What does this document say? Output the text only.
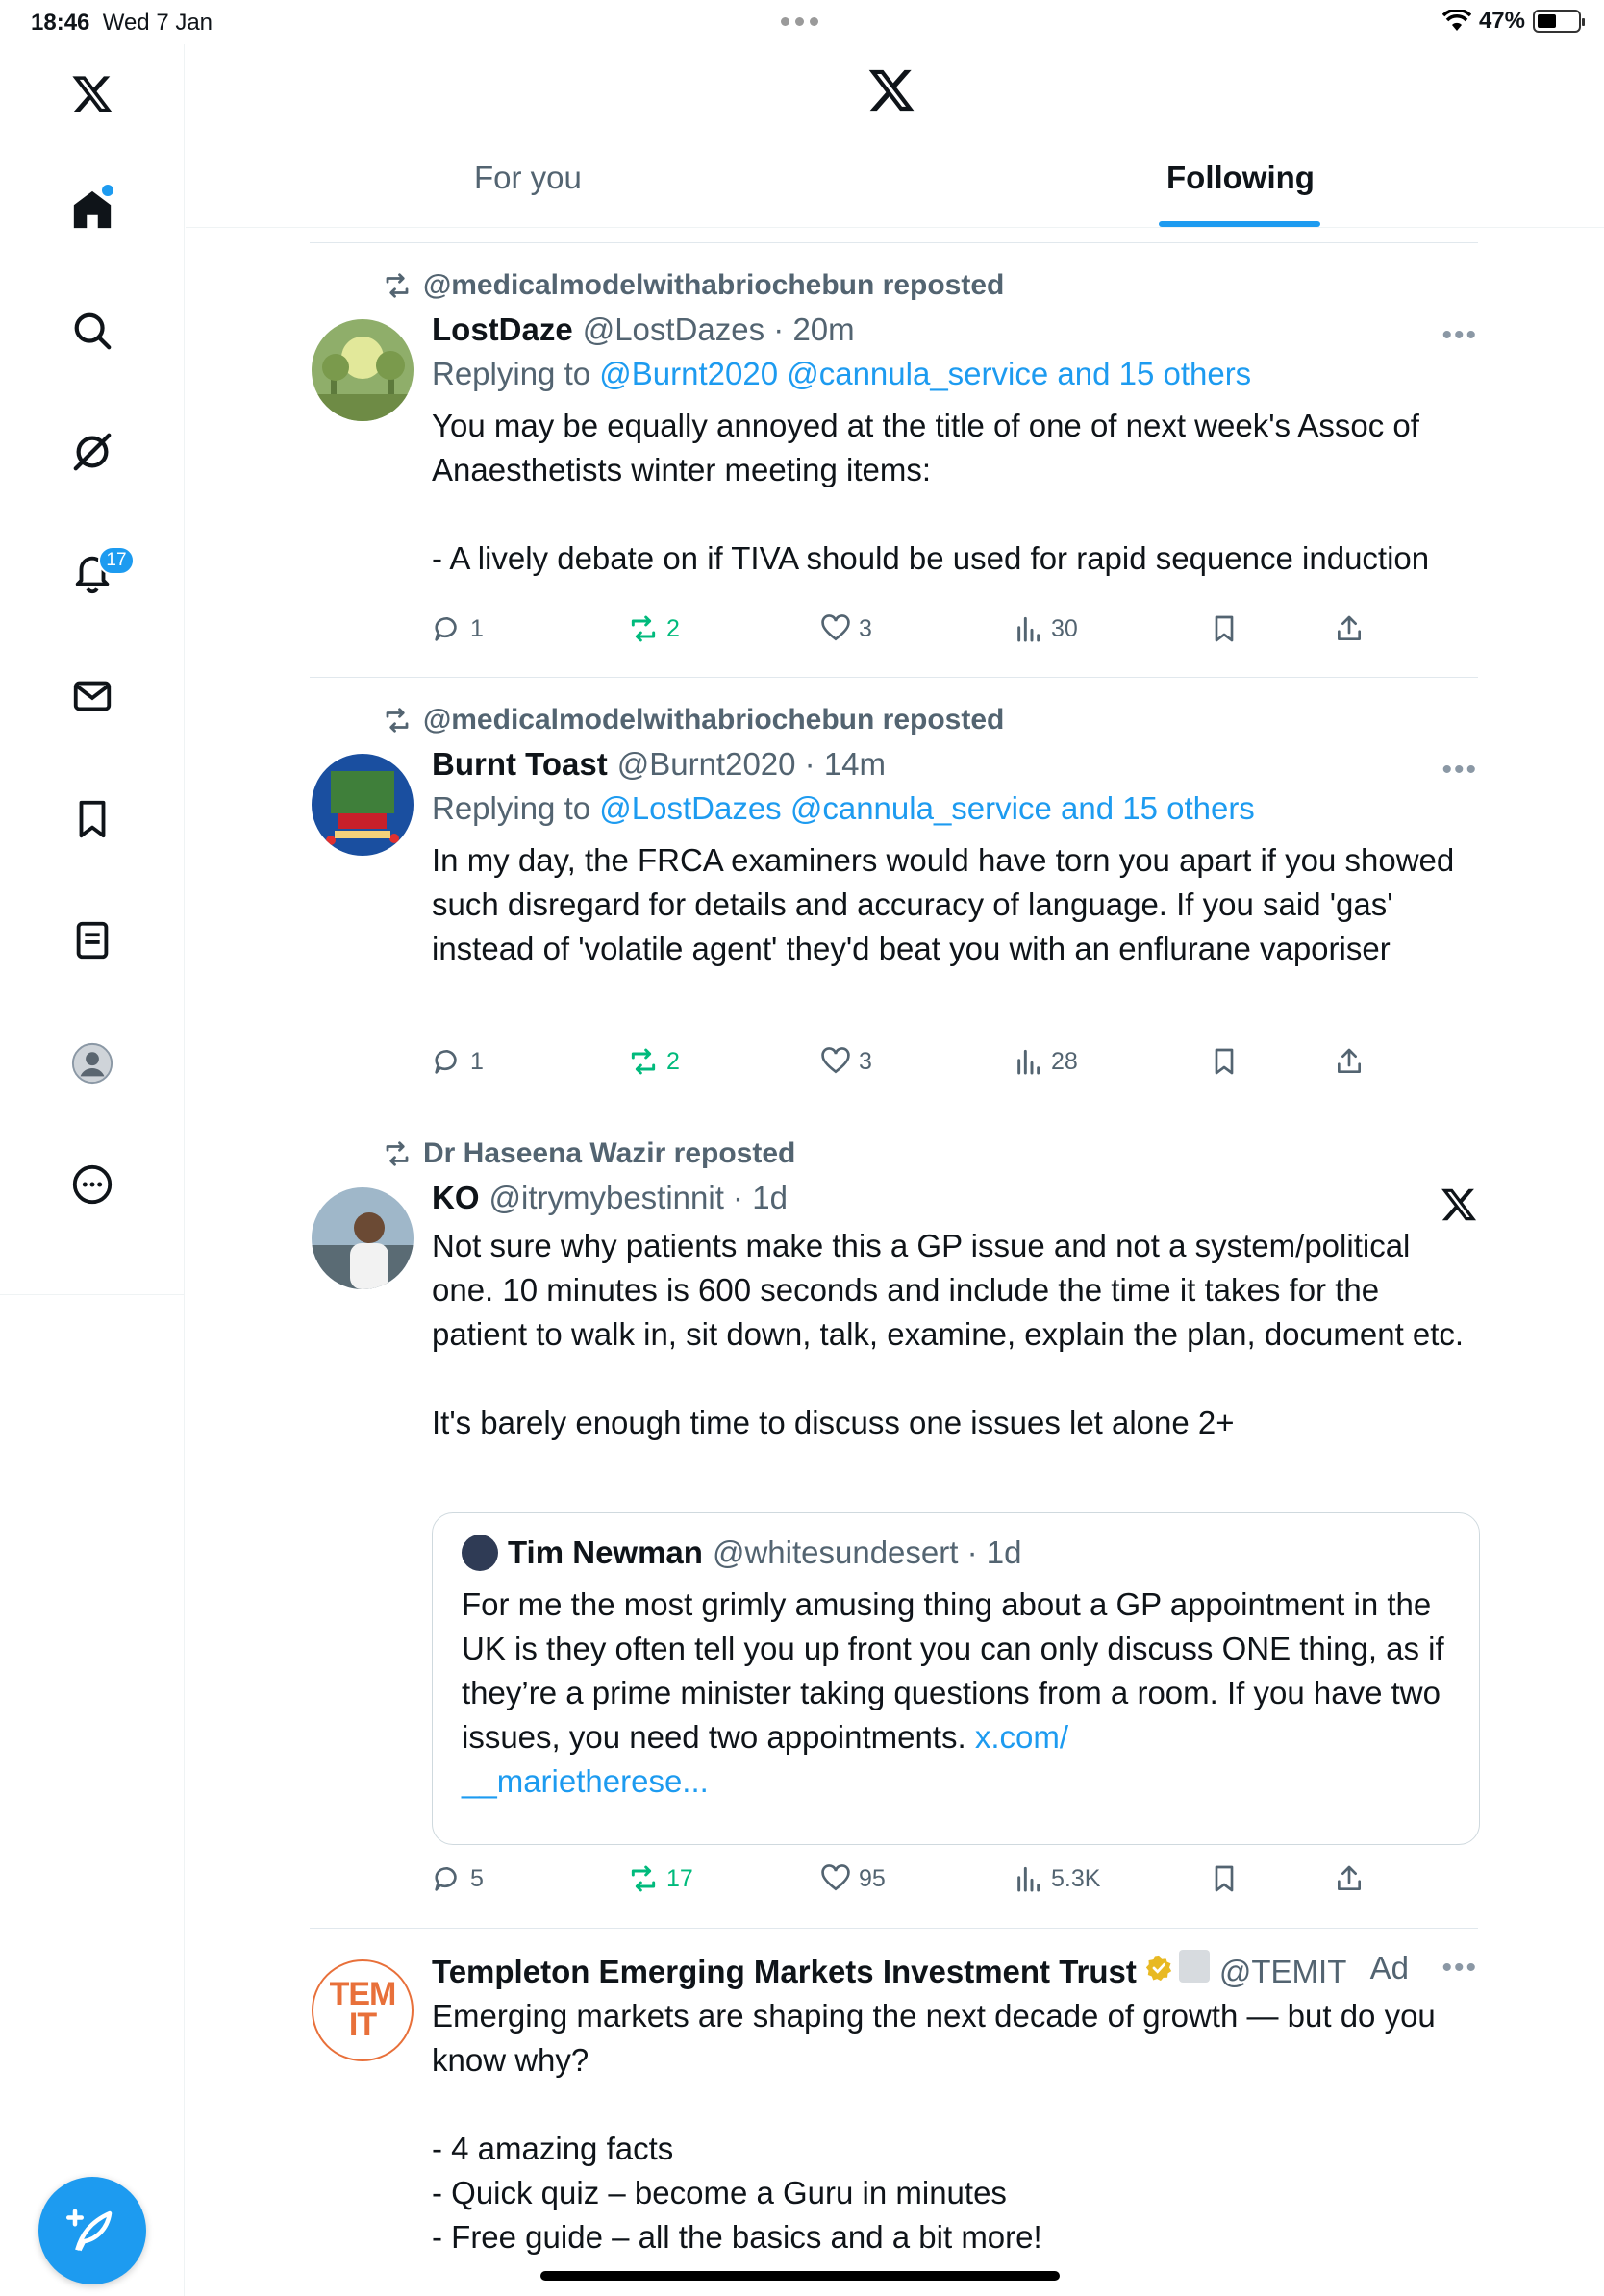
18:46 Wed 7 Jan	47%
17
For you	Following
@medicalmodelwithabriochebun reposted
LostDaze @LostDazes · 20m
Replying to @Burnt2020 @cannula_service and 15 others
You may be equally annoyed at the title of one of next week's Assoc of Anaesthetists winter meeting items:

- A lively debate on if TIVA should be used for rapid sequence induction
•••
1	2	3	30
@medicalmodelwithabriochebun reposted
Burnt Toast @Burnt2020 · 14m
Replying to @LostDazes @cannula_service and 15 others
In my day, the FRCA examiners would have torn you apart if you showed such disregard for details and accuracy of language. If you said 'gas' instead of 'volatile agent' they'd beat you with an enflurane vaporiser
•••
1	2	3	28
Dr Haseena Wazir reposted
KO @itrymybestinnit · 1d
Not sure why patients make this a GP issue and not a system/political one. 10 minutes is 600 seconds and include the time it takes for the patient to walk in, sit down, talk, examine, explain the plan, document etc.

It's barely enough time to discuss one issues let alone 2+
Tim Newman @whitesundesert · 1d
For me the most grimly amusing thing about a GP appointment in the UK is they often tell you up front you can only discuss ONE thing, as if they’re a prime minister taking questions from a room. If you have two issues, you need two appointments. x.com/
__marietherese...
5	17	95	5.3K
TEM IT
Templeton Emerging Markets Investment Trust	@TEMIT
Emerging markets are shaping the next decade of growth — but do you know why?

- 4 amazing facts
- Quick quiz – become a Guru in minutes
- Free guide – all the basics and a bit more!
Ad •••
